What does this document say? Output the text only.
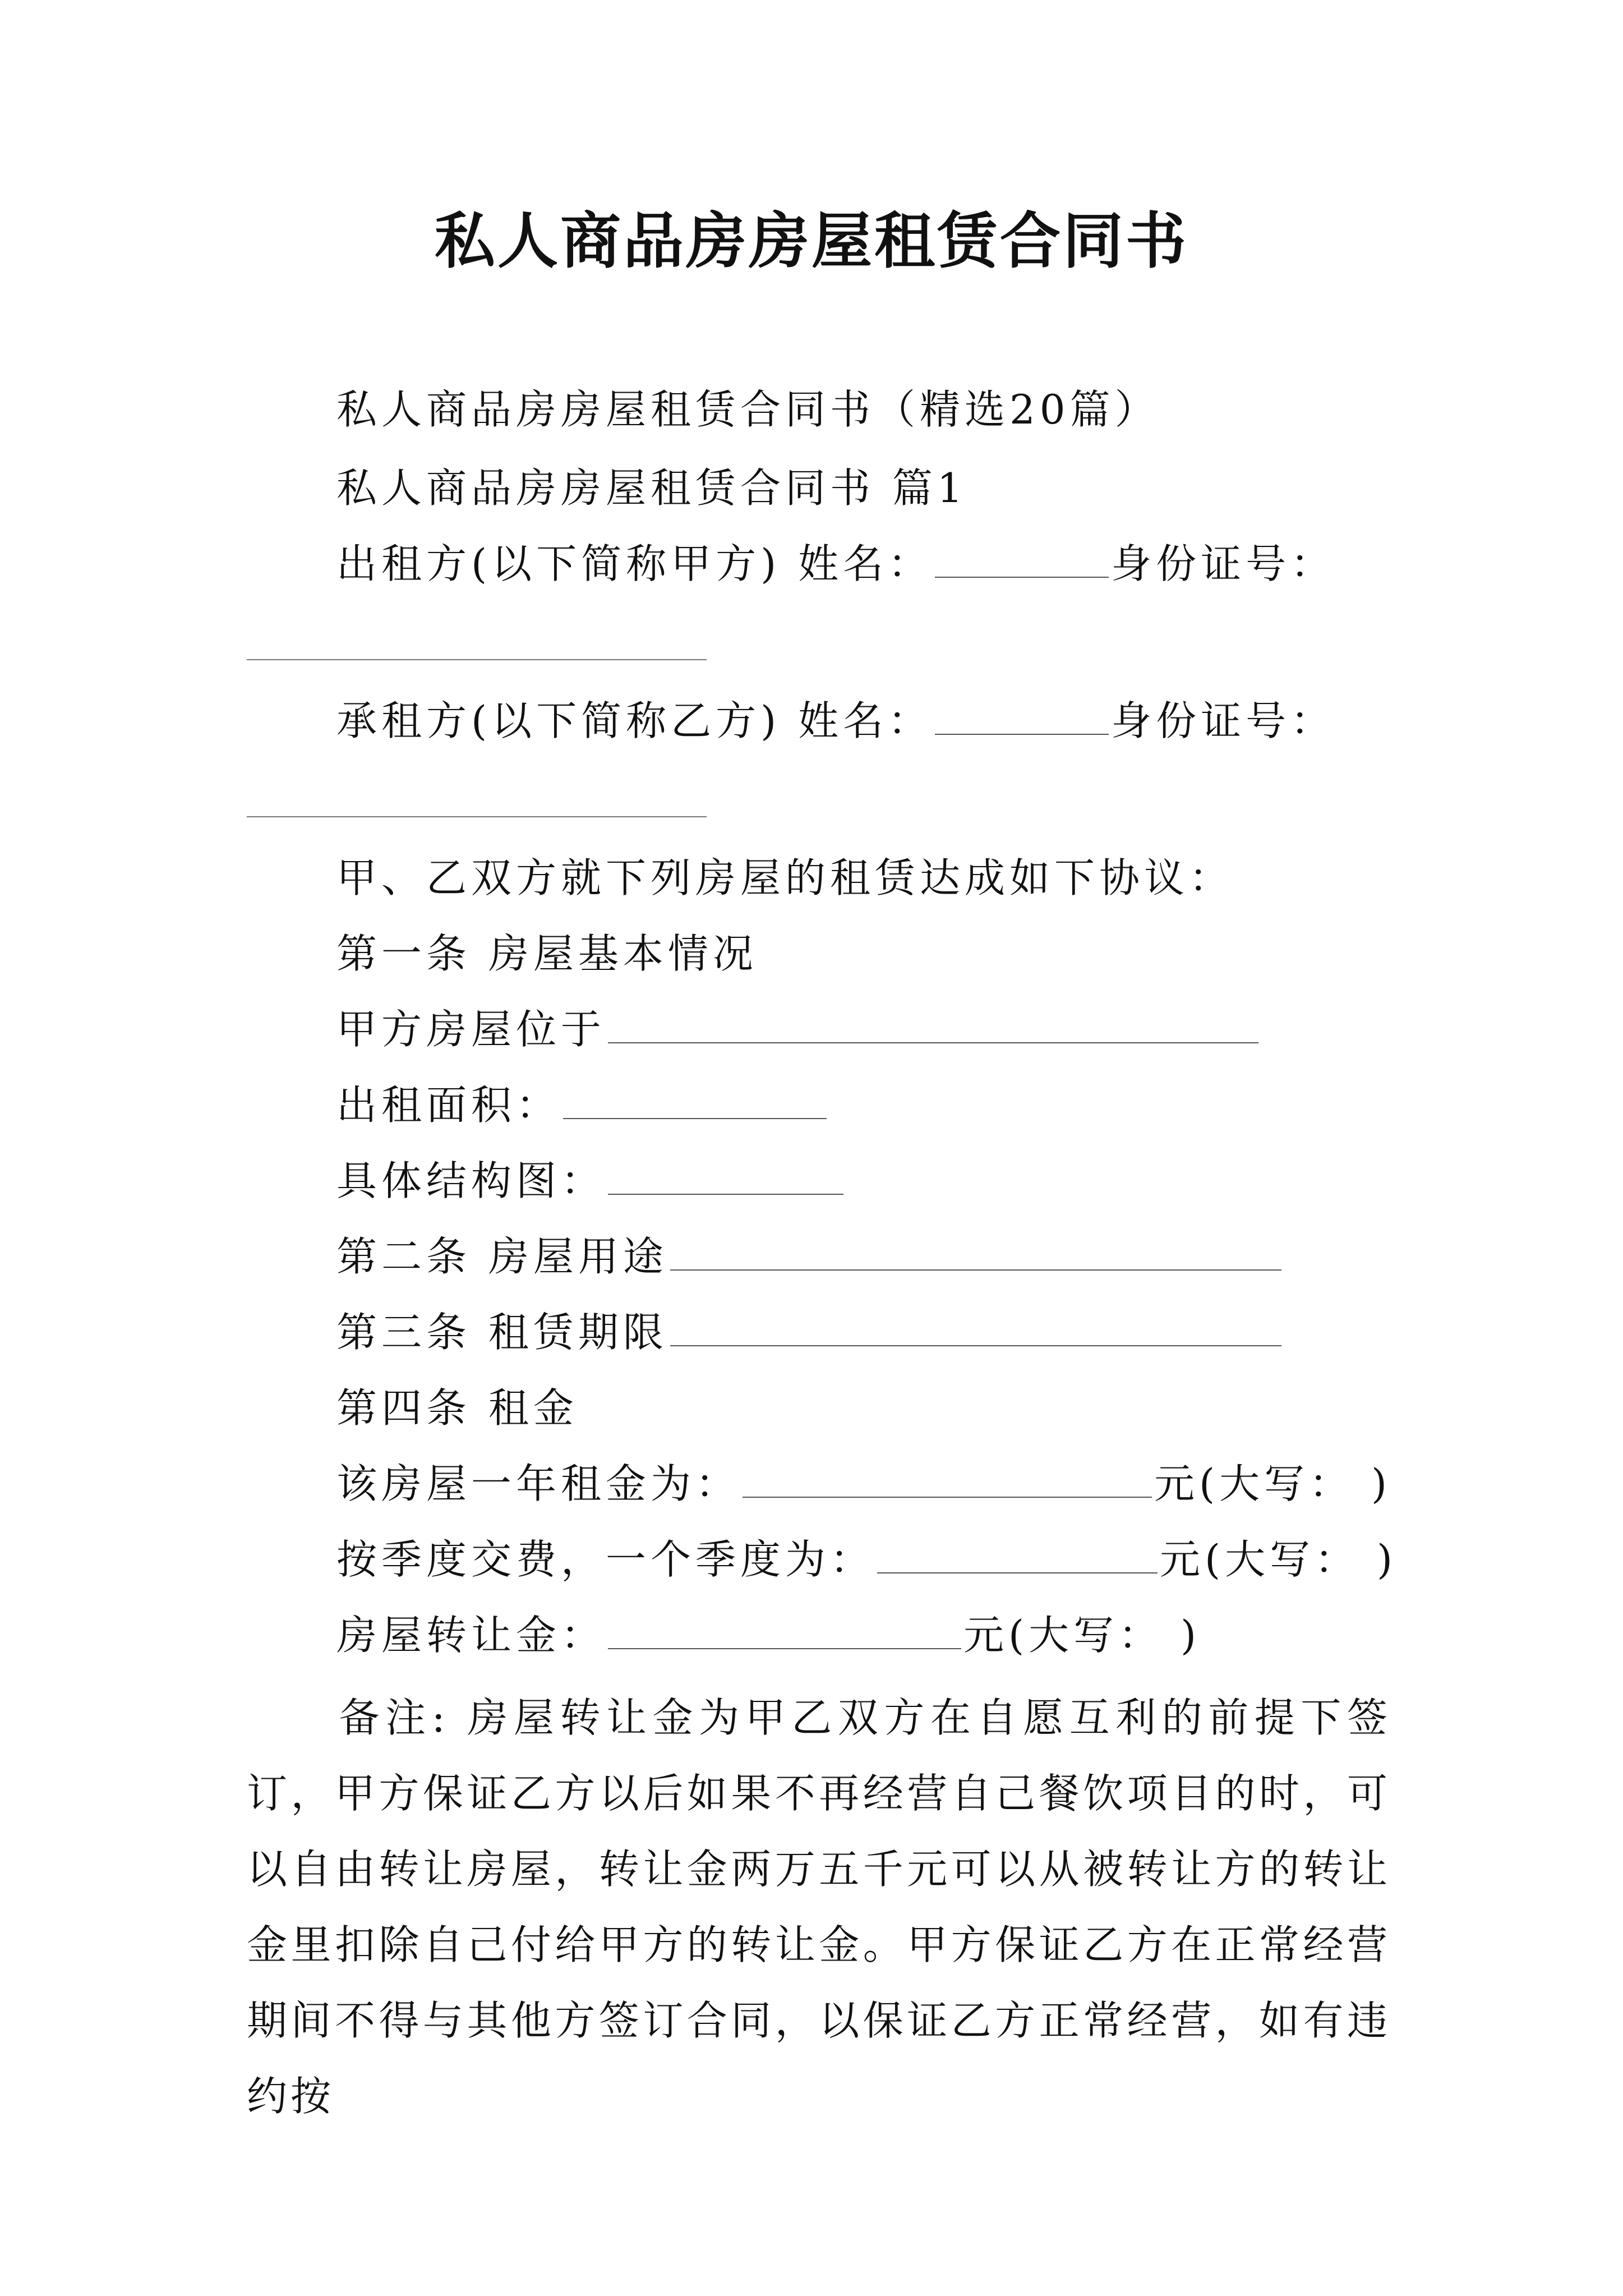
私人商品房房屋租赁合同书
私人商品房房屋租赁合同书（精选20篇）
私人商品房房屋租赁合同书 篇1
出租方(以下简称甲方) 姓名：	身份证号：
承租方(以下简称乙方) 姓名：	身份证号：
甲、乙双方就下列房屋的租赁达成如下协议：
第一条 房屋基本情况
甲方房屋位于
出租面积：
具体结构图：
第二条 房屋用途
第三条 租赁期限
第四条 租金
该房屋一年租金为：	元(大写： )
按季度交费，一个季度为：	元(大写： )
房屋转让金：	元(大写： )
备注: 房屋转让金为甲乙双方在自愿互利的前提下签订，甲方保证乙方以后如果不再经营自己餐饮项目的时，可以自由转让房屋，转让金两万五千元可以从被转让方的转让金里扣除自己付给甲方的转让金。甲方保证乙方在正常经营期间不得与其他方签订合同，以保证乙方正常经营，如有违约按
